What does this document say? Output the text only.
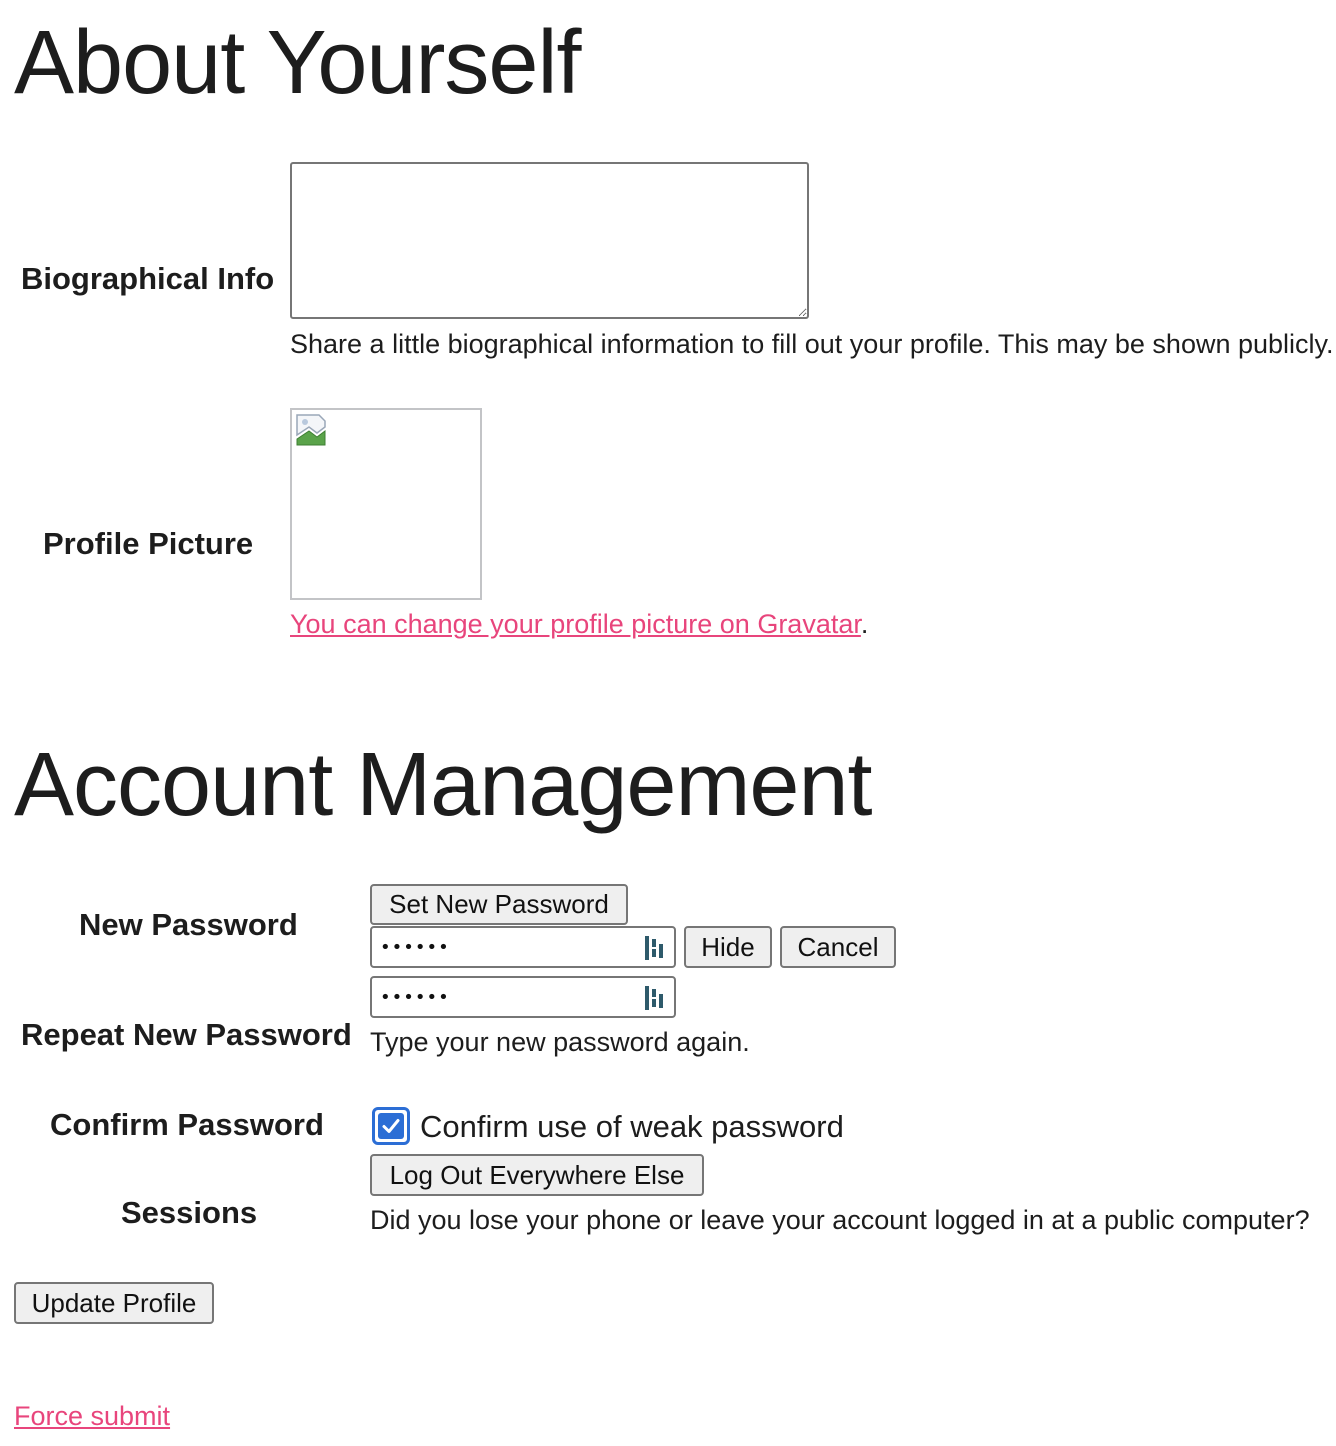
About Yourself
Biographical Info
Share a little biographical information to fill out your profile. This may be shown publicly.
Profile Picture
You can change your profile picture on Gravatar.
Account Management
New Password
Set New Password
••••••
Hide	Cancel
••••••
Repeat New Password Type your new password again.
Confirm Password	Confirm use of weak password
Sessions
Log Out Everywhere Else
Did you lose your phone or leave your account logged in at a public computer?
Update Profile
Force submit
